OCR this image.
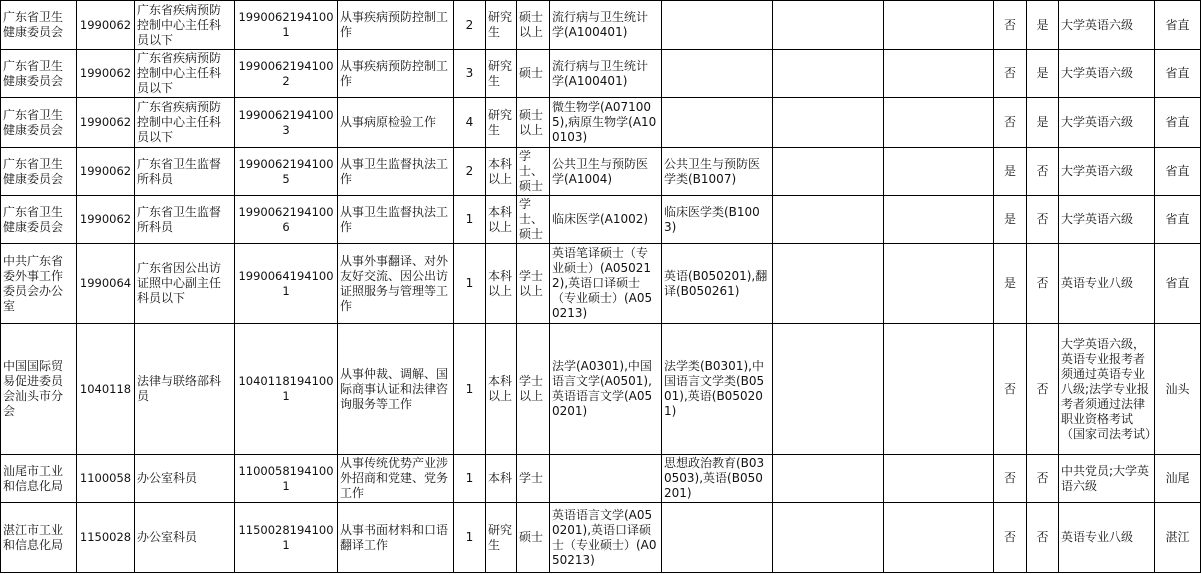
广东省卫生健康委员会	1990062	广东省疾病预防控制中心主任科员以下	19900621941001	从事疾病预防控制工作	2	研究生	硕士以上	流行病与卫生统计学(A100401)				否	是	大学英语六级	省直

广东省卫生健康委员会	1990062	广东省疾病预防控制中心主任科员以下	19900621941002	从事疾病预防控制工作	3	研究生	硕士	流行病与卫生统计学(A100401)				否	是	大学英语六级	省直

广东省卫生健康委员会	1990062	广东省疾病预防控制中心主任科员以下	19900621941003	从事病原检验工作	4	研究生	硕士以上	微生物学(A071005),病原生物学(A100103)				否	是	大学英语六级	省直

广东省卫生健康委员会	1990062	广东省卫生监督所科员	19900621941005	从事卫生监督执法工作	2	本科以上	学士、硕士	公共卫生与预防医学(A1004)	公共卫生与预防医学类(B1007)			是	否	大学英语六级	省直

广东省卫生健康委员会	1990062	广东省卫生监督所科员	19900621941006	从事卫生监督执法工作	1	本科以上	学士、硕士	临床医学(A1002)	临床医学类(B1003)			是	否	大学英语六级	省直

中共广东省委外事工作委员会办公室	1990064	广东省因公出访证照中心副主任科员以下	19900641941001	从事外事翻译、对外友好交流、因公出访证照服务与管理等工作	1	本科以上	学士以上	英语笔译硕士（专业硕士）(A050212),英语口译硕士（专业硕士）(A050213)	英语(B050201),翻译(B050261)			是	否	英语专业八级	省直

中国国际贸易促进委员会汕头市分会	1040118	法律与联络部科员	10401181941001	从事仲裁、调解、国际商事认证和法律咨询服务等工作	1	本科以上	学士以上	法学(A0301),中国语言文学(A0501),英语语言文学(A050201)	法学类(B0301),中国语言文学类(B0501),英语(B050201)			否	否	大学英语六级，英语专业报考者须通过英语专业八级;法学专业报考者须通过法律职业资格考试（国家司法考试）	汕头

汕尾市工业和信息化局	1100058	办公室科员	11000581941001	从事传统优势产业涉外招商和党建、党务工作	1	本科	学士		思想政治教育(B030503),英语(B050201)			否	否	中共党员;大学英语六级	汕尾

湛江市工业和信息化局	1150028	办公室科员	11500281941001	从事书面材料和口语翻译工作	1	研究生	硕士	英语语言文学(A050201),英语口译硕士（专业硕士）(A050213)				否	否	英语专业八级	湛江
